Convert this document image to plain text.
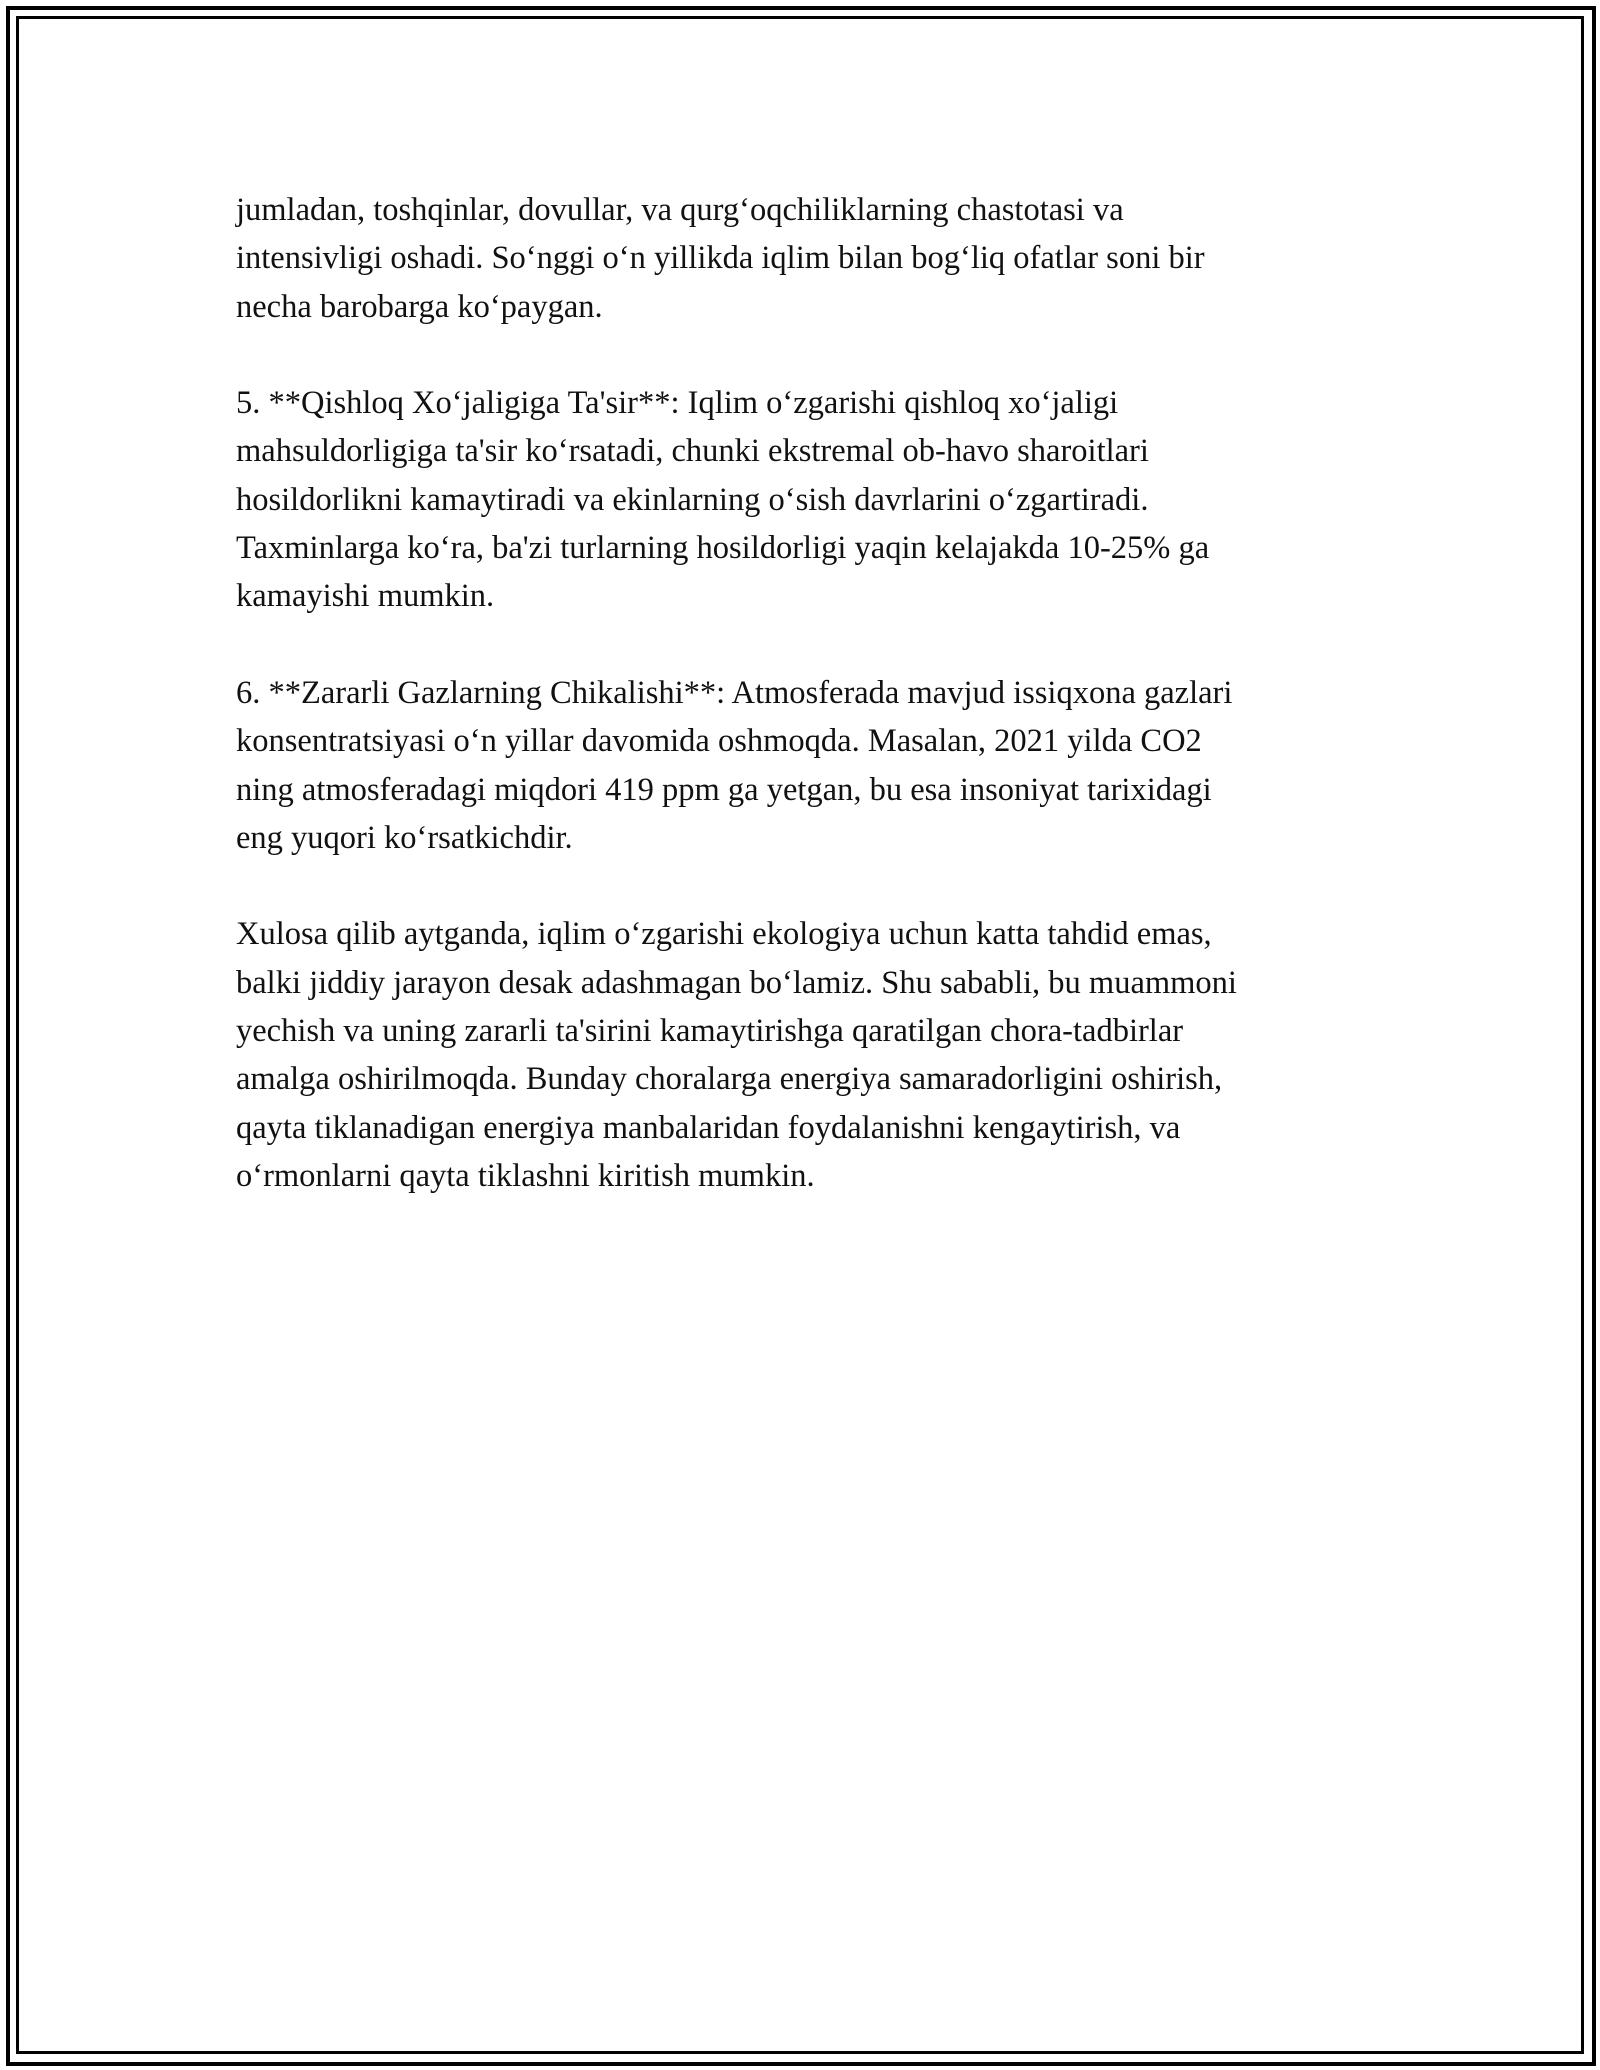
jumladan, toshqinlar, dovullar, va qurgʻoqchiliklarning chastotasi va
intensivligi oshadi. Soʻnggi oʻn yillikda iqlim bilan bogʻliq ofatlar soni bir
necha barobarga koʻpaygan.

5. **Qishloq Xoʻjaligiga Ta'sir**: Iqlim oʻzgarishi qishloq xoʻjaligi
mahsuldorligiga ta'sir koʻrsatadi, chunki ekstremal ob-havo sharoitlari
hosildorlikni kamaytiradi va ekinlarning oʻsish davrlarini oʻzgartiradi.
Taxminlarga koʻra, ba'zi turlarning hosildorligi yaqin kelajakda 10-25% ga
kamayishi mumkin.

6. **Zararli Gazlarning Chikalishi**: Atmosferada mavjud issiqxona gazlari
konsentratsiyasi oʻn yillar davomida oshmoqda. Masalan, 2021 yilda CO2
ning atmosferadagi miqdori 419 ppm ga yetgan, bu esa insoniyat tarixidagi
eng yuqori koʻrsatkichdir.

Xulosa qilib aytganda, iqlim oʻzgarishi ekologiya uchun katta tahdid emas,
balki jiddiy jarayon desak adashmagan boʻlamiz. Shu sababli, bu muammoni
yechish va uning zararli ta'sirini kamaytirishga qaratilgan chora-tadbirlar
amalga oshirilmoqda. Bunday choralarga energiya samaradorligini oshirish,
qayta tiklanadigan energiya manbalaridan foydalanishni kengaytirish, va
oʻrmonlarni qayta tiklashni kiritish mumkin.
